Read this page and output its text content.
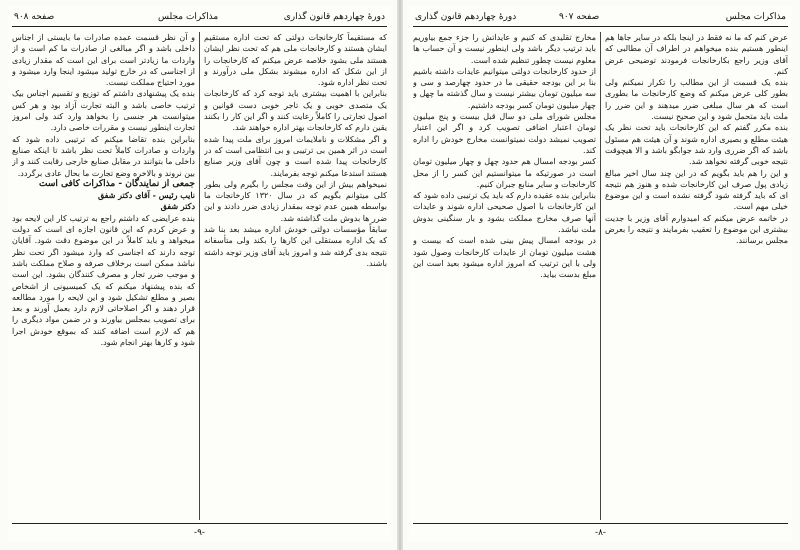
صفحه ۹۰۸	مذاکرات مجلس	دورهٔ چهاردهم قانون گذاری

که مستقیماً کارخانجات دولتی که تحت اداره مستقیم ایشان هستند و کارخانجات ملی هم که تحت نظر ایشان هستند ملی بشود خلاصه عرض میکنم که کارخانجات را از این شکل که اداره میشوند بشکل ملی درآورند و تحت نظر اداره شود.

بنابراین با اهمیت بیشتری باید توجه کرد که کارخانجات یک متصدی خوبی و یک تاجر خوبی دست قوانین و اصول تجارتی را کاملاً رعایت کنند و اگر این کار را بکنند یقین دارم که کارخانجات بهتر اداره خواهند شد.

و اگر مشکلات و ناملایمات امروز برای ملت پیدا شده است در اثر همین بی ترتیبی و بی انتظامی است که در کارخانجات پیدا شده است و چون آقای وزیر صنایع هستند استدعا میکنم توجه بفرمایند.

نمیخواهم بیش از این وقت مجلس را بگیرم ولی بطور کلی میتوانم بگویم که در سال ۱۳۲۰ کارخانجات ما بواسطه همین عدم توجه بمقدار زیادی ضرر دادند و این ضرر ها بدوش ملت گذاشته شد.

سابقاً مؤسسات دولتی خودش اداره میشد بعد بنا شد که یک اداره مستقلی این کارها را بکند ولی متأسفانه نتیجه بدی گرفته شد و امروز باید آقای وزیر توجه داشته باشند.

و آن نظر قسمت عمده صادرات ما بایستی از اجناس داخلی باشد و اگر مبالغی از صادرات ما کم است و از واردات ما زیادتر است برای این است که مقدار زیادی از اجناسی که در خارج تولید میشود اینجا وارد میشود و مورد احتیاج مملکت نیست.

بنده یک پیشنهادی داشتم که توزیع و تقسیم اجناس بیک ترتیب خاصی باشد و البته تجارت آزاد بود و هر کس میتوانست هر جنسی را بخواهد وارد کند ولی امروز تجارت اینطور نیست و مقررات خاصی دارد.

بنابراین بنده تقاضا میکنم که ترتیبی داده شود که واردات و صادرات کاملاً تحت نظر باشد تا اینکه صنایع داخلی ما بتوانند در مقابل صنایع خارجی رقابت کنند و از بین نروند و بالاخره وضع تجارت ما بحال عادی برگردد.

جمعی از نمایندگان - مذاکرات کافی است

نایب رئیس - آقای دکتر شفق

دکتر شفق

بنده عرایضی که داشتم راجع به ترتیب کار این لایحه بود و عرض کردم که این قانون اجازه ای است که دولت میخواهد و باید کاملاً در این موضوع دقت شود. آقایان توجه دارند که اجناسی که وارد میشود اگر تحت نظر نباشد ممکن است برخلاف صرفه و صلاح مملکت باشد و موجب ضرر تجار و مصرف کنندگان بشود. این است که بنده پیشنهاد میکنم که یک کمیسیونی از اشخاص بصیر و مطلع تشکیل شود و این لایحه را مورد مطالعه قرار دهند و اگر اصلاحاتی لازم دارد بعمل آورند و بعد برای تصویب بمجلس بیاورند و در ضمن مواد دیگری را هم که لازم است اضافه کنند که بموقع خودش اجرا شود و کارها بهتر انجام شود.

-۹-
دورهٔ چهاردهم قانون گذاری	صفحه ۹۰۷	مذاکرات مجلس

عرض کنم که ما نه فقط در اینجا بلکه در سایر جاها هم اینطور هستیم بنده میخواهم در اطراف آن مطالبی که آقای وزیر راجع بکارخانجات فرمودند توضیحی عرض کنم.

بنده یک قسمت از این مطالب را تکرار نمیکنم ولی بطور کلی عرض میکنم که وضع کارخانجات ما بطوری است که هر سال مبلغی ضرر میدهند و این ضرر را ملت باید متحمل شود و این صحیح نیست.

بنده مکرر گفتم که این کارخانجات باید تحت نظر یک هیئت مطلع و بصیری اداره شوند و آن هیئت هم مسئول باشد که اگر ضرری وارد شد جوابگو باشد و الا هیچوقت نتیجه خوبی گرفته نخواهد شد.

و این را هم باید بگویم که در این چند سال اخیر مبالغ زیادی پول صرف این کارخانجات شده و هنوز هم نتیجه ای که باید گرفته شود گرفته نشده است و این موضوع خیلی مهم است.

در خاتمه عرض میکنم که امیدوارم آقای وزیر با جدیت بیشتری این موضوع را تعقیب بفرمایند و نتیجه را بعرض مجلس برسانند.

مخارج تقلیدی که کنیم و عایداتش را جزء جمع بیاوریم باید ترتیب دیگر باشد ولی اینطور نیست و آن حساب ها معلوم نیست چطور تنظیم شده است.

از حدود کارخانجات دولتی میتوانیم عایدات داشته باشیم بنا بر این بودجه حقیقی ما در حدود چهارصد و سی و سه میلیون تومان بیشتر نیست و سال گذشته ما چهل و چهار میلیون تومان کسر بودجه داشتیم.

مجلس شورای ملی دو سال قبل بیست و پنج میلیون تومان اعتبار اضافی تصویب کرد و اگر این اعتبار تصویب نمیشد دولت نمیتوانست مخارج خودش را اداره کند.

کسر بودجه امسال هم حدود چهل و چهار میلیون تومان است در صورتیکه ما میتوانستیم این کسر را از محل کارخانجات و سایر منابع جبران کنیم.

بنابراین بنده عقیده دارم که باید یک ترتیبی داده شود که این کارخانجات با اصول صحیحی اداره شوند و عایدات آنها صرف مخارج مملکت بشود و بار سنگینی بدوش ملت نباشد.

در بودجه امسال پیش بینی شده است که بیست و هشت میلیون تومان از عایدات کارخانجات وصول شود ولی با این ترتیب که امروز اداره میشود بعید است این مبلغ بدست بیاید.

-۸-
